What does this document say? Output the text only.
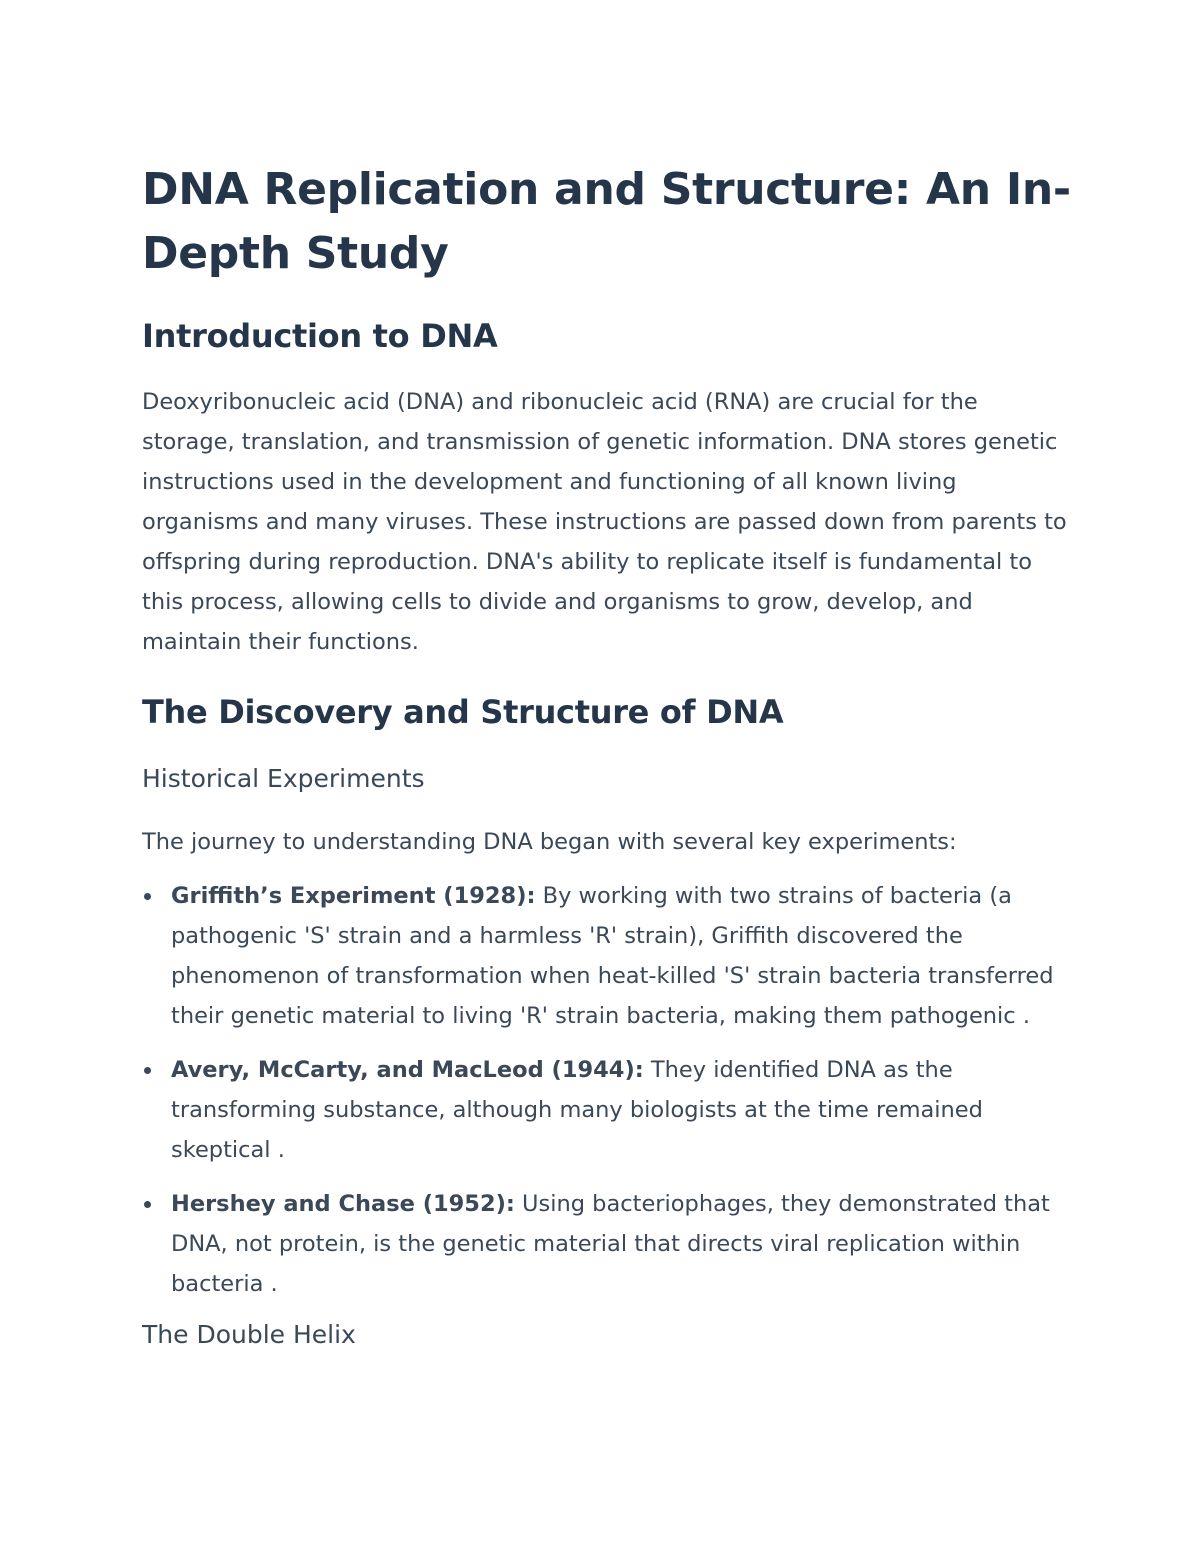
DNA Replication and Structure: An In-Depth Study
Introduction to DNA

Deoxyribonucleic acid (DNA) and ribonucleic acid (RNA) are crucial for the storage, translation, and transmission of genetic information. DNA stores genetic instructions used in the development and functioning of all known living organisms and many viruses. These instructions are passed down from parents to offspring during reproduction. DNA's ability to replicate itself is fundamental to this process, allowing cells to divide and organisms to grow, develop, and maintain their functions.

The Discovery and Structure of DNA
Historical Experiments

The journey to understanding DNA began with several key experiments:

Griffith’s Experiment (1928): By working with two strains of bacteria (a pathogenic 'S' strain and a harmless 'R' strain), Griffith discovered the phenomenon of transformation when heat-killed 'S' strain bacteria transferred their genetic material to living 'R' strain bacteria, making them pathogenic .
Avery, McCarty, and MacLeod (1944): They identified DNA as the transforming substance, although many biologists at the time remained skeptical .
Hershey and Chase (1952): Using bacteriophages, they demonstrated that DNA, not protein, is the genetic material that directs viral replication within bacteria .
The Double Helix
